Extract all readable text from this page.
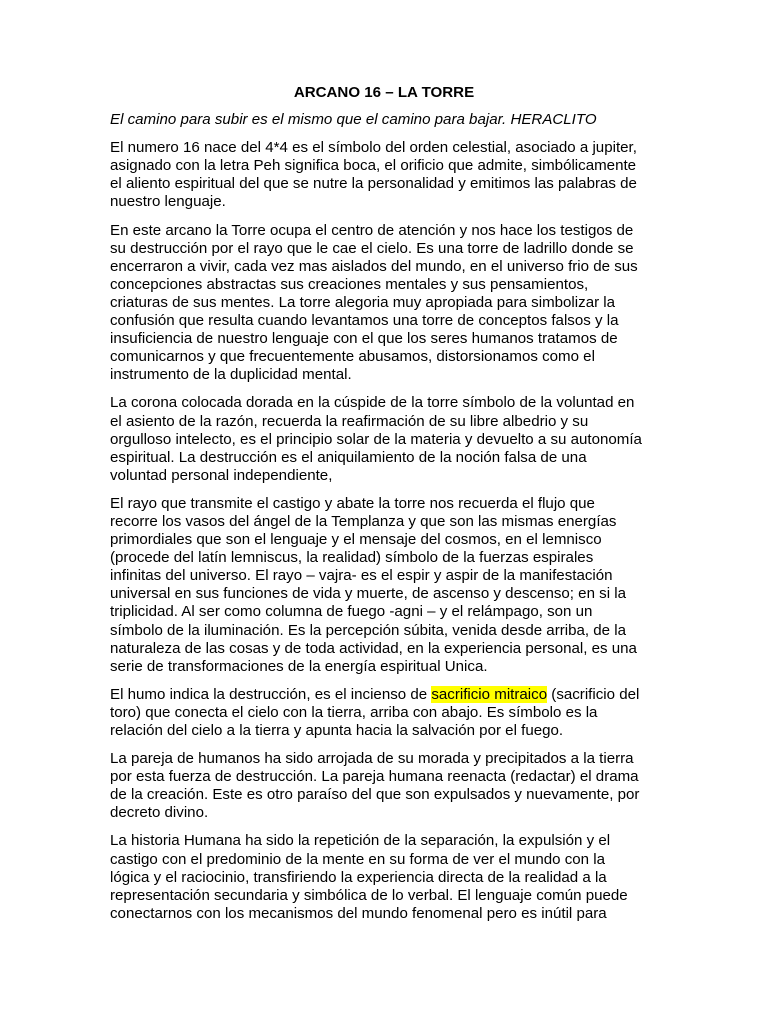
ARCANO 16 – LA TORRE
El camino para subir es el mismo que el camino para bajar. HERACLITO
El numero 16 nace del 4*4 es el símbolo del orden celestial, asociado a jupiter,
asignado con la letra Peh significa boca, el orificio que admite, simbólicamente
el aliento espiritual del que se nutre la personalidad y emitimos las palabras de
nuestro lenguaje.
En este arcano la Torre ocupa el centro de atención y nos hace los testigos de
su destrucción por el rayo que le cae el cielo. Es una torre de ladrillo donde se
encerraron a vivir, cada vez mas aislados del mundo, en el universo frio de sus
concepciones abstractas sus creaciones mentales y sus pensamientos,
criaturas de sus mentes. La torre alegoria muy apropiada para simbolizar la
confusión que resulta cuando levantamos una torre de conceptos falsos y la
insuficiencia de nuestro lenguaje con el que los seres humanos tratamos de
comunicarnos y que frecuentemente abusamos, distorsionamos como el
instrumento de la duplicidad mental.
La corona colocada dorada en la cúspide de la torre símbolo de la voluntad en
el asiento de la razón, recuerda la reafirmación de su libre albedrio y su
orgulloso intelecto, es el principio solar de la materia y devuelto a su autonomía
espiritual. La destrucción es el aniquilamiento de la noción falsa de una
voluntad personal independiente,
El rayo que transmite el castigo y abate la torre nos recuerda el flujo que
recorre los vasos del ángel de la Templanza y que son las mismas energías
primordiales que son el lenguaje y el mensaje del cosmos, en el lemnisco
(procede del latín lemniscus, la realidad) símbolo de la fuerzas espirales
infinitas del universo. El rayo – vajra- es el espir y aspir de la manifestación
universal en sus funciones de vida y muerte, de ascenso y descenso; en si la
triplicidad. Al ser como columna de fuego -agni – y el relámpago, son un
símbolo de la iluminación. Es la percepción súbita, venida desde arriba, de la
naturaleza de las cosas y de toda actividad, en la experiencia personal, es una
serie de transformaciones de la energía espiritual Unica.
El humo indica la destrucción, es el incienso de sacrificio mitraico (sacrificio del
toro) que conecta el cielo con la tierra, arriba con abajo. Es símbolo es la
relación del cielo a la tierra y apunta hacia la salvación por el fuego.
La pareja de humanos ha sido arrojada de su morada y precipitados a la tierra
por esta fuerza de destrucción. La pareja humana reenacta (redactar) el drama
de la creación. Este es otro paraíso del que son expulsados y nuevamente, por
decreto divino.
La historia Humana ha sido la repetición de la separación, la expulsión y el
castigo con el predominio de la mente en su forma de ver el mundo con la
lógica y el raciocinio, transfiriendo la experiencia directa de la realidad a la
representación secundaria y simbólica de lo verbal. El lenguaje común puede
conectarnos con los mecanismos del mundo fenomenal pero es inútil para
